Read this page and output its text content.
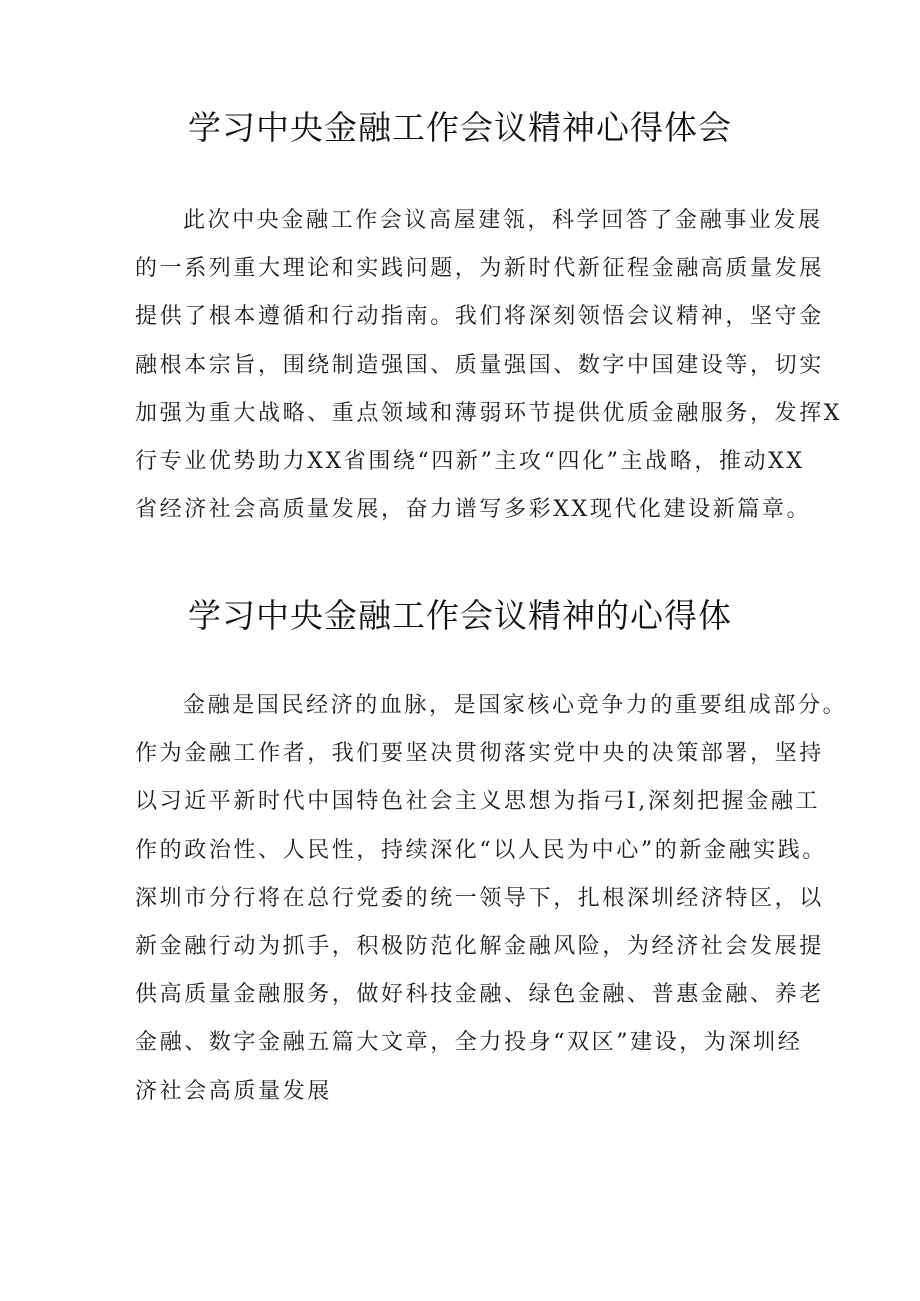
学习中央金融工作会议精神心得体会
此次中央金融工作会议高屋建瓴，科学回答了金融事业发展
的一系列重大理论和实践问题，为新时代新征程金融高质量发展
提供了根本遵循和行动指南。我们将深刻领悟会议精神，坚守金
融根本宗旨，围绕制造强国、质量强国、数字中国建设等，切实
加强为重大战略、重点领域和薄弱环节提供优质金融服务，发挥X
行专业优势助力XX省围绕“四新”主攻“四化”主战略，推动XX
省经济社会高质量发展，奋力谱写多彩XX现代化建设新篇章。
学习中央金融工作会议精神的心得体
金融是国民经济的血脉，是国家核心竞争力的重要组成部分。
作为金融工作者，我们要坚决贯彻落实党中央的决策部署，坚持
以习近平新时代中国特色社会主义思想为指弓I,深刻把握金融工
作的政治性、人民性，持续深化“以人民为中心”的新金融实践。
深圳市分行将在总行党委的统一领导下，扎根深圳经济特区，以
新金融行动为抓手，积极防范化解金融风险，为经济社会发展提
供高质量金融服务，做好科技金融、绿色金融、普惠金融、养老
金融、数字金融五篇大文章，全力投身“双区”建设，为深圳经
济社会高质量发展
